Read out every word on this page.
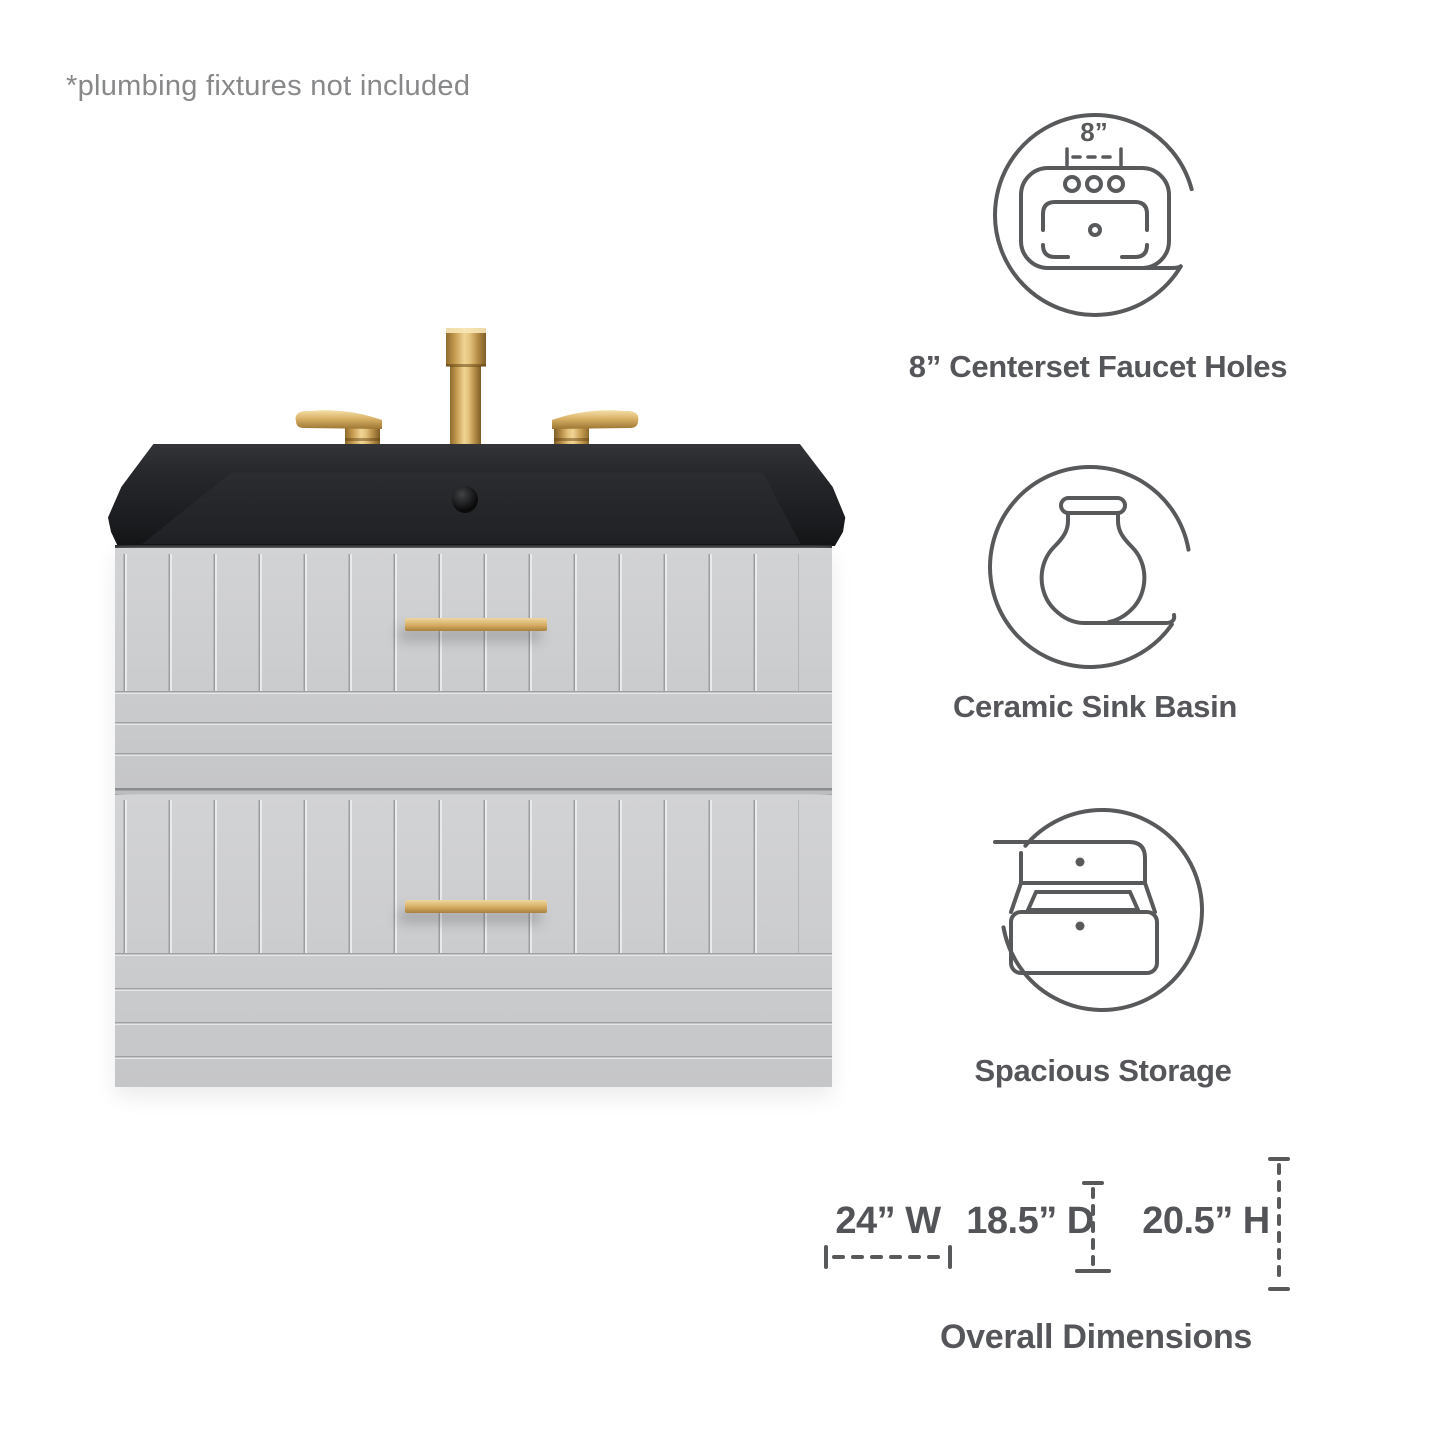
*plumbing fixtures not included
8”
8” Centerset Faucet Holes
Ceramic Sink Basin
Spacious Storage
24” W 18.5” D	20.5” H
Overall Dimensions
